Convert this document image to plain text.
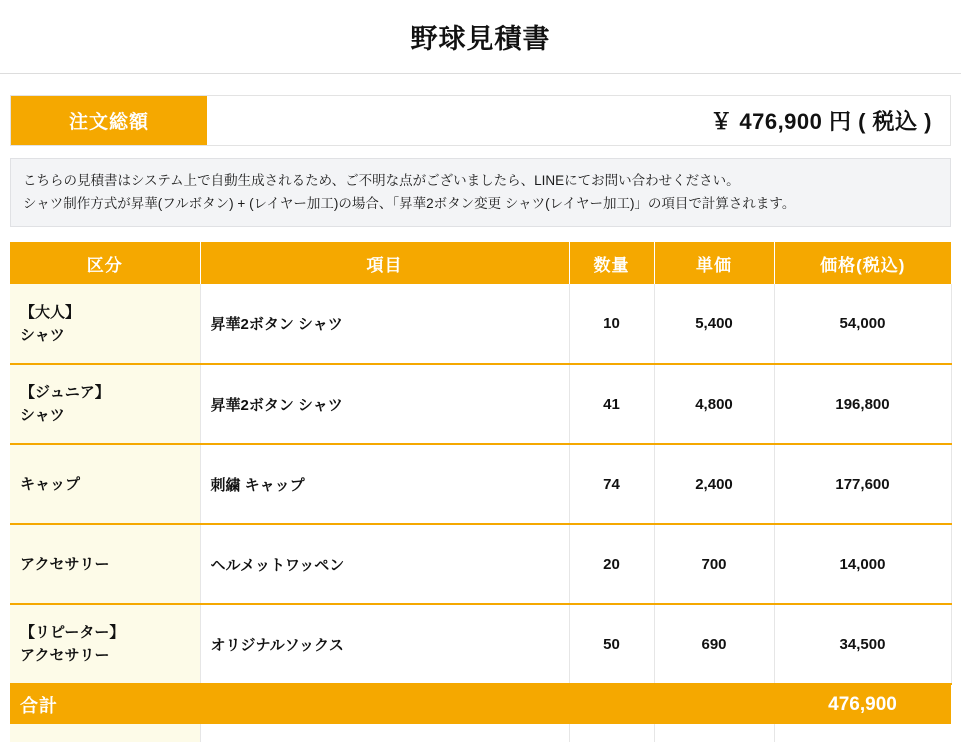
野球見積書
注文総額	￥ 476,900 円 ( 税込 )

こちらの見積書はシステム上で自動生成されるため、ご不明な点がございましたら、LINEにてお問い合わせください。

シャツ制作方式が昇華(フルボタン) + (レイヤー加工)の場合、「昇華2ボタン変更 シャツ(レイヤー加工)」の項目で計算されます。

区分	項目	数量	単価	価格(税込)

【大人】
シャツ	昇華2ボタン シャツ	10	5,400	54,000

【ジュニア】
シャツ	昇華2ボタン シャツ	41	4,800	196,800

キャップ	刺繍 キャップ	74	2,400	177,600

アクセサリー	ヘルメットワッペン	20	700	14,000

【リピーター】
アクセサリー	オリジナルソックス	50	690	34,500
合計				476,900
